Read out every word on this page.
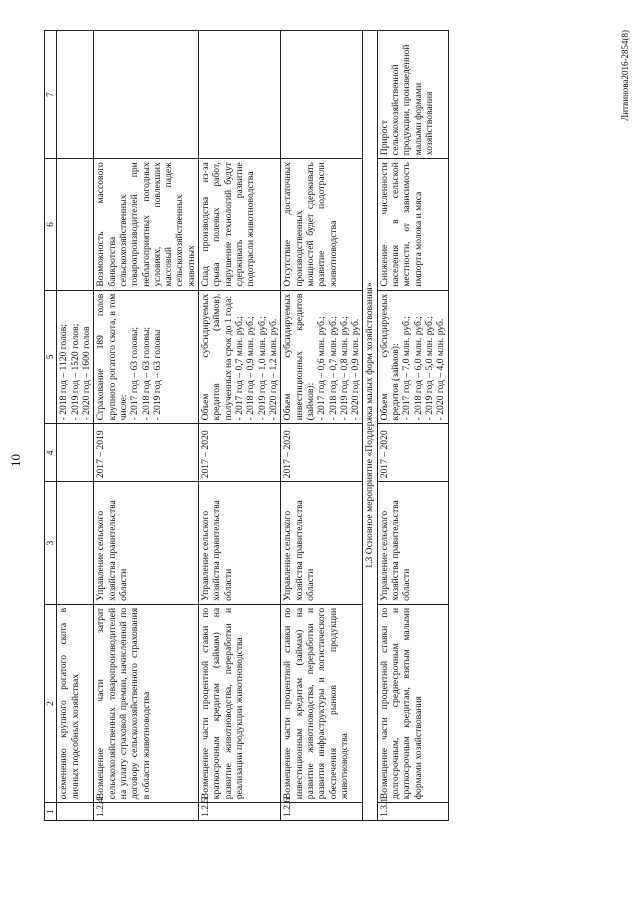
10
1	2	3	4	5	6	7
	осеменению крупного рогатого скота в личных подсобных хозяйствах			- 2018 год – 1120 голов;
- 2019 год – 1520 голов;
- 2020 год – 1600 голов		
1.2.4	Возмещение части затрат сельскохозяйственных товаропроизводителей на уплату страховой премии, начисленной по договору сельскохозяйственного страхования в области животноводства	Управление сельского хозяйства правительства области	2017 – 2019	Страхование 189 голов крупного рогатого скота, в том числе:
- 2017 год – 63 головы;
- 2018 год – 63 головы;
- 2019 год – 63 головы	Возможность массового банкротства сельскохозяйственных товаропроизводителей при неблагоприятных погодных условиях, повлекших массовый падеж сельскохозяйственных животных	
1.2.5	Возмещение части процентной ставки по краткосрочным кредитам (займам) на развитие животноводства, переработки и реализации продукции животноводства	Управление сельского хозяйства правительства области	2017 – 2020	Объем субсидируемых кредитов (займов), полученных на срок до 1 года:
- 2017 год – 0,7 млн. руб.;
- 2018 год – 0,9 млн. руб.;
- 2019 год – 1,0 млн. руб.;
- 2020 год – 1,2 млн. руб.	Спад производства из-за срыва полевых работ, нарушение технологий будут сдерживать развитие подотрасли животноводства	
1.2.6	Возмещение части процентной ставки по инвестиционным кредитам (займам) на развитие животноводства, переработки и развития инфраструктуры и логистического обеспечения рынков продукции животноводства	Управление сельского хозяйства правительства области	2017 – 2020	Объем субсидируемых инвестиционных кредитов (займов):
- 2017 год – 0,6 млн. руб.;
- 2018 год – 0,7 млн. руб.;
- 2019 год – 0,8 млн. руб.;
- 2020 год – 0,9 млн. руб.	Отсутствие достаточных производственных мощностей будет сдерживать развитие подотрасли животноводства	
1.3 Основное мероприятие «Поддержка малых форм хозяйствования»						
1.3.1	Возмещение части процентной ставки по долгосрочным, среднесрочным и краткосрочным кредитам, взятым малыми формами хозяйствования	Управление сельского хозяйства правительства области	2017 – 2020	Объем субсидируемых кредитов (займов):
- 2017 год – 7,0 млн. руб.;
- 2018 год – 6,0 млн. руб.;
- 2019 год – 5,0 млн. руб.;
- 2020 год – 4,0 млн. руб.	Снижение численности населения в сельской местности, от зависимость импорта молока и мяса	Прирост сельскохозяйственной продукции, произведенной малыми формами хозяйствования
Литвинова2016-2854(8)
